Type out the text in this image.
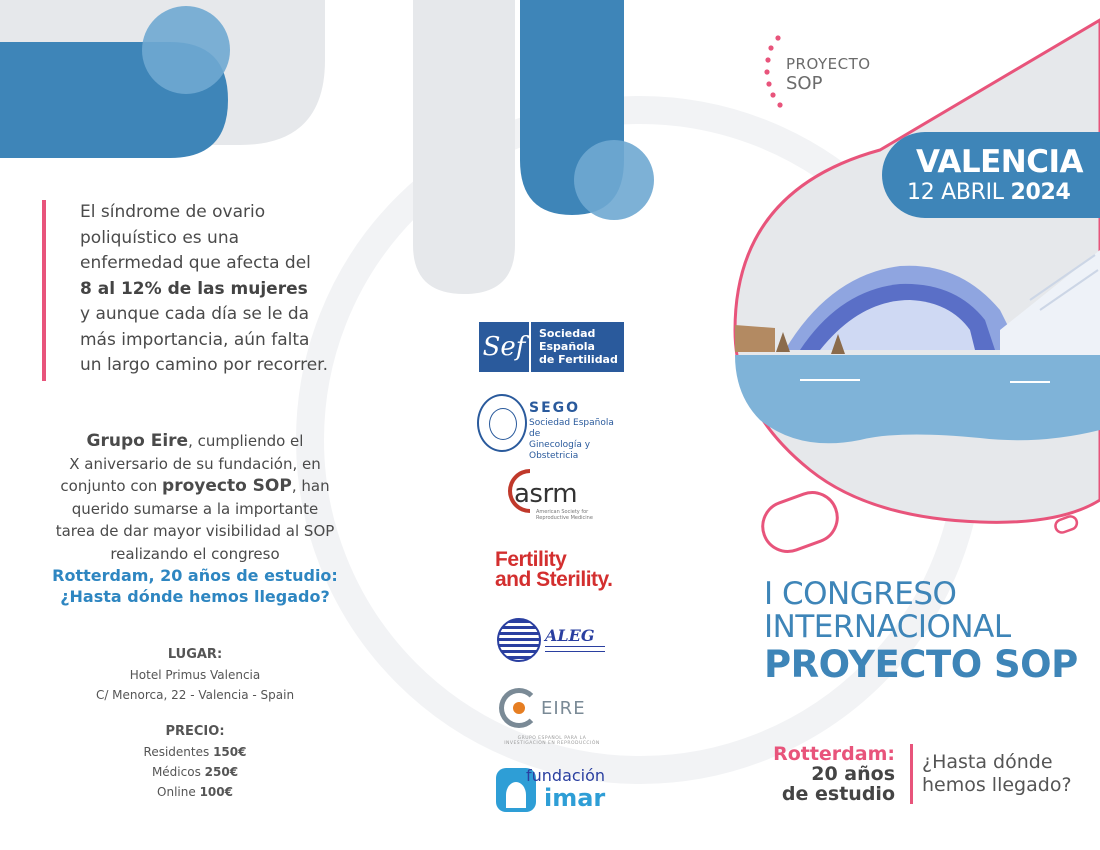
El síndrome de ovario
poliquístico es una
enfermedad que afecta del
8 al 12% de las mujeres
y aunque cada día se le da
más importancia, aún falta
un largo camino por recorrer.

Grupo Eire, cumpliendo el
X aniversario de su fundación, en
conjunto con proyecto SOP, han
querido sumarse a la importante
tarea de dar mayor visibilidad al SOP
realizando el congreso
Rotterdam, 20 años de estudio:
¿Hasta dónde hemos llegado?
LUGAR:
Hotel Primus Valencia
C/ Menorca, 22 - Valencia - Spain
PRECIO:
Residentes 150€
Médicos 250€
Online 100€
Sef	Sociedad
Española
de Fertilidad
SEGO
Sociedad Española de
Ginecología y Obstetricia
asrm
American Society for Reproductive Medicine
Fertility
and Sterility.
ALEG
EIRE
GRUPO ESPAÑOL PARA LA INVESTIGACIÓN EN REPRODUCCIÓN
fundación
imar
PROYECTO
SOP
VALENCIA
12 ABRIL 2024
I CONGRESO
INTERNACIONAL
PROYECTO SOP
Rotterdam:
20 años
de estudio
¿Hasta dónde
hemos llegado?
